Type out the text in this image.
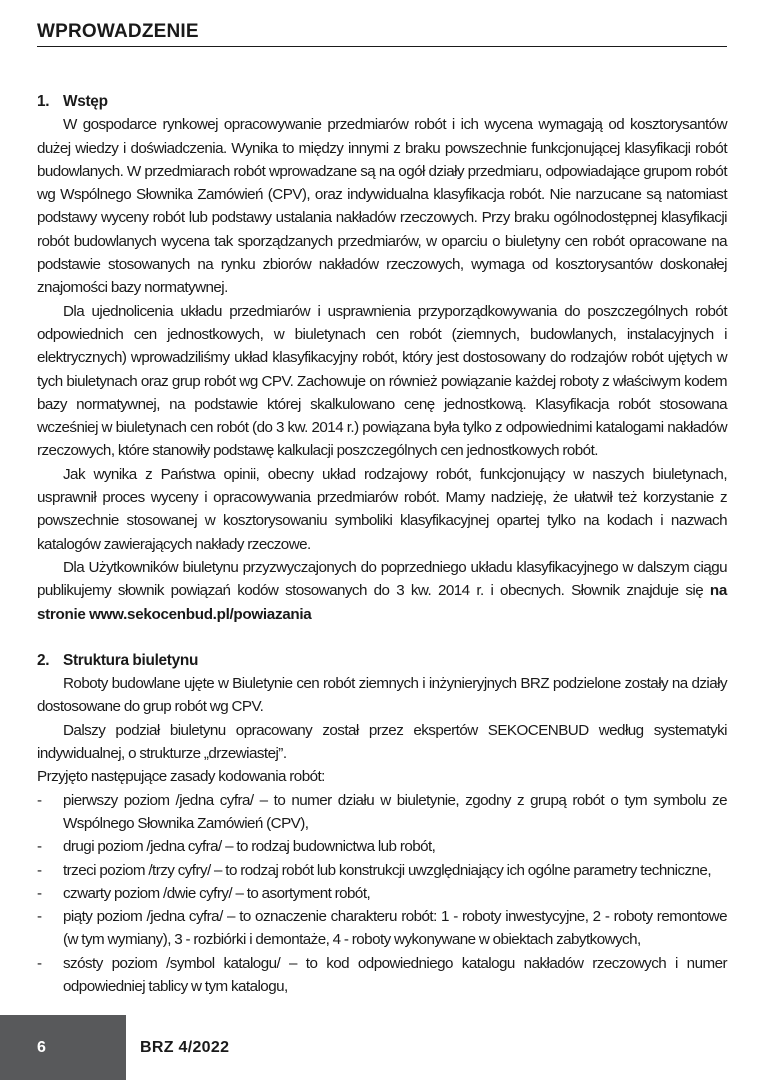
WPROWADZENIE
1. Wstęp

W gospodarce rynkowej opracowywanie przedmiarów robót i ich wycena wymagają od kosztorysantów dużej wiedzy i doświadczenia. Wynika to między innymi z braku powszechnie funkcjonującej klasyfikacji robót budowlanych. W przedmiarach robót wprowadzane są na ogół działy przedmiaru, odpowiadające grupom robót wg Wspólnego Słownika Zamówień (CPV), oraz indywidualna klasyfikacja robót. Nie narzucane są natomiast podstawy wyceny robót lub podstawy ustalania nakładów rzeczowych. Przy braku ogólnodostępnej klasyfikacji robót budowlanych wycena tak sporządzanych przedmiarów, w oparciu o biuletyny cen robót opracowane na podstawie stosowanych na rynku zbiorów nakładów rzeczowych, wymaga od kosztorysantów doskonałej znajomości bazy normatywnej.

Dla ujednolicenia układu przedmiarów i usprawnienia przyporządkowywania do poszczególnych robót odpowiednich cen jednostkowych, w biuletynach cen robót (ziemnych, budowlanych, instalacyjnych i elektrycznych) wprowadziliśmy układ klasyfikacyjny robót, który jest dostosowany do rodzajów robót ujętych w tych biuletynach oraz grup robót wg CPV. Zachowuje on również powiązanie każdej roboty z właściwym kodem bazy normatywnej, na podstawie której skalkulowano cenę jednostkową. Klasyfikacja robót stosowana wcześniej w biuletynach cen robót (do 3 kw. 2014 r.) powiązana była tylko z odpowiednimi katalogami nakładów rzeczowych, które stanowiły podstawę kalkulacji poszczególnych cen jednostkowych robót.

Jak wynika z Państwa opinii, obecny układ rodzajowy robót, funkcjonujący w naszych biuletynach, usprawnił proces wyceny i opracowywania przedmiarów robót. Mamy nadzieję, że ułatwił też korzystanie z powszechnie stosowanej w kosztorysowaniu symboliki klasyfikacyjnej opartej tylko na kodach i nazwach katalogów zawierających nakłady rzeczowe.

Dla Użytkowników biuletynu przyzwyczajonych do poprzedniego układu klasyfikacyjnego w dalszym ciągu publikujemy słownik powiązań kodów stosowanych do 3 kw. 2014 r. i obecnych. Słownik znajduje się na stronie www.sekocenbud.pl/powiazania

2. Struktura biuletynu

Roboty budowlane ujęte w Biuletynie cen robót ziemnych i inżynieryjnych BRZ podzielone zostały na działy dostosowane do grup robót wg CPV.

Dalszy podział biuletynu opracowany został przez ekspertów SEKOCENBUD według systematyki indywidualnej, o strukturze „drzewiastej”.

Przyjęto następujące zasady kodowania robót:

- pierwszy poziom /jedna cyfra/ – to numer działu w biuletynie, zgodny z grupą robót o tym symbolu ze Wspólnego Słownika Zamówień (CPV),
- drugi poziom /jedna cyfra/ – to rodzaj budownictwa lub robót,
- trzeci poziom /trzy cyfry/ – to rodzaj robót lub konstrukcji uwzględniający ich ogólne parametry techniczne,
- czwarty poziom /dwie cyfry/ – to asortyment robót,
- piąty poziom /jedna cyfra/ – to oznaczenie charakteru robót: 1 - roboty inwestycyjne, 2 - roboty remontowe (w tym wymiany), 3 - rozbiórki i demontaże, 4 - roboty wykonywane w obiektach zabytkowych,
- szósty poziom /symbol katalogu/ – to kod odpowiedniego katalogu nakładów rzeczowych i numer odpowiedniej tablicy w tym katalogu,
6	BRZ 4/2022
